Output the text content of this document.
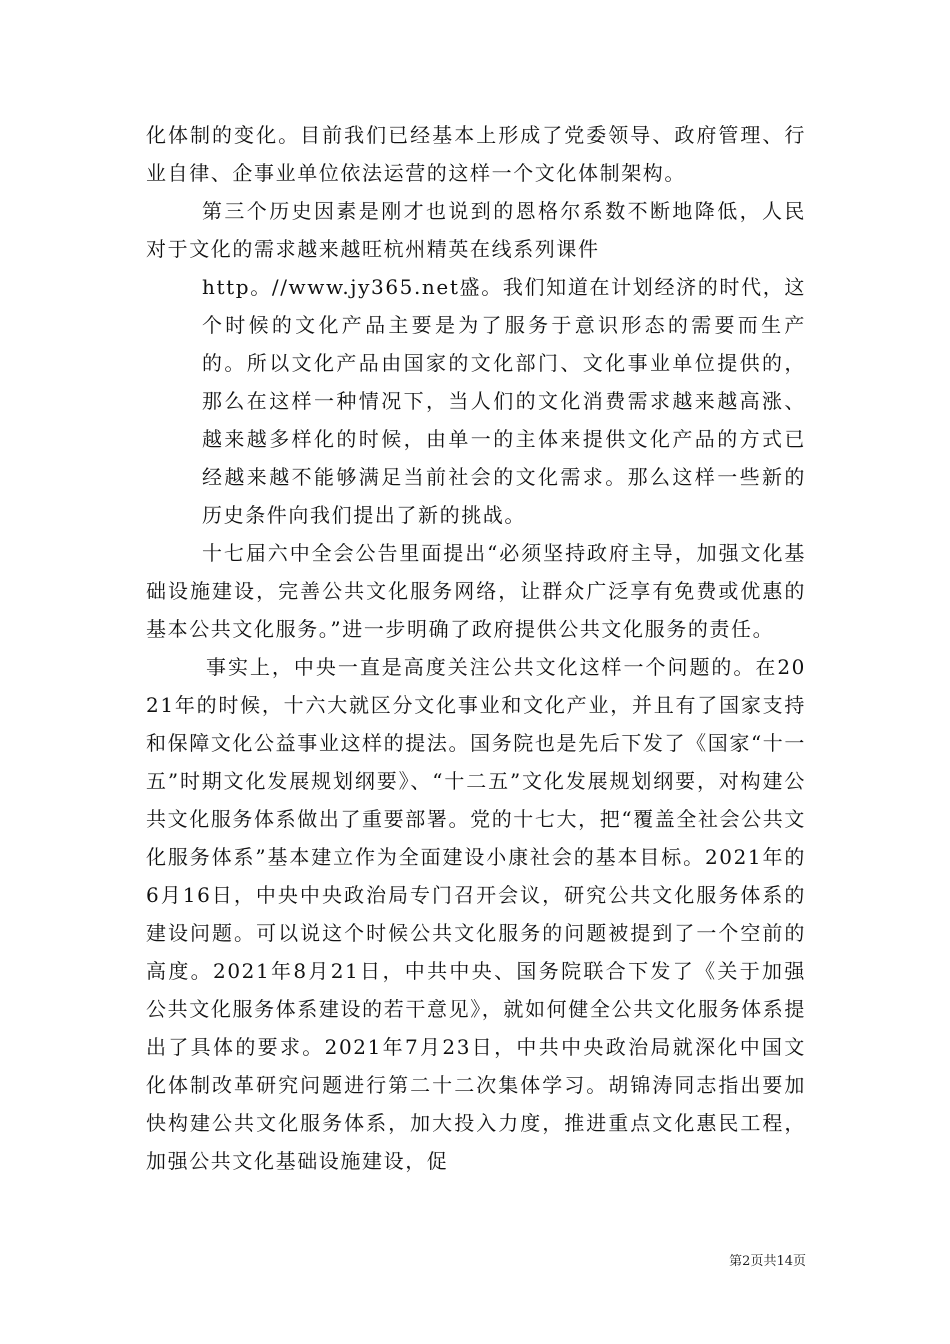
化体制的变化。目前我们已经基本上形成了党委领导、政府管理、行业自律、企事业单位依法运营的这样一个文化体制架构。

第三个历史因素是刚才也说到的恩格尔系数不断地降低，人民对于文化的需求越来越旺杭州精英在线系列课件

http。//www.jy365.net盛。我们知道在计划经济的时代，这个时候的文化产品主要是为了服务于意识形态的需要而生产的。所以文化产品由国家的文化部门、文化事业单位提供的，那么在这样一种情况下，当人们的文化消费需求越来越高涨、越来越多样化的时候，由单一的主体来提供文化产品的方式已经越来越不能够满足当前社会的文化需求。那么这样一些新的历史条件向我们提出了新的挑战。

十七届六中全会公告里面提出“必须坚持政府主导，加强文化基础设施建设，完善公共文化服务网络，让群众广泛享有免费或优惠的基本公共文化服务。”进一步明确了政府提供公共文化服务的责任。

事实上，中央一直是高度关注公共文化这样一个问题的。在2021年的时候，十六大就区分文化事业和文化产业，并且有了国家支持和保障文化公益事业这样的提法。国务院也是先后下发了《国家“十一五”时期文化发展规划纲要》、“十二五”文化发展规划纲要，对构建公共文化服务体系做出了重要部署。党的十七大，把“覆盖全社会公共文化服务体系”基本建立作为全面建设小康社会的基本目标。2021年的6月16日，中央中央政治局专门召开会议，研究公共文化服务体系的建设问题。可以说这个时候公共文化服务的问题被提到了一个空前的高度。2021年8月21日，中共中央、国务院联合下发了《关于加强公共文化服务体系建设的若干意见》，就如何健全公共文化服务体系提出了具体的要求。2021年7月23日，中共中央政治局就深化中国文化体制改革研究问题进行第二十二次集体学习。胡锦涛同志指出要加快构建公共文化服务体系，加大投入力度，推进重点文化惠民工程，加强公共文化基础设施建设，促

第2页共14页
